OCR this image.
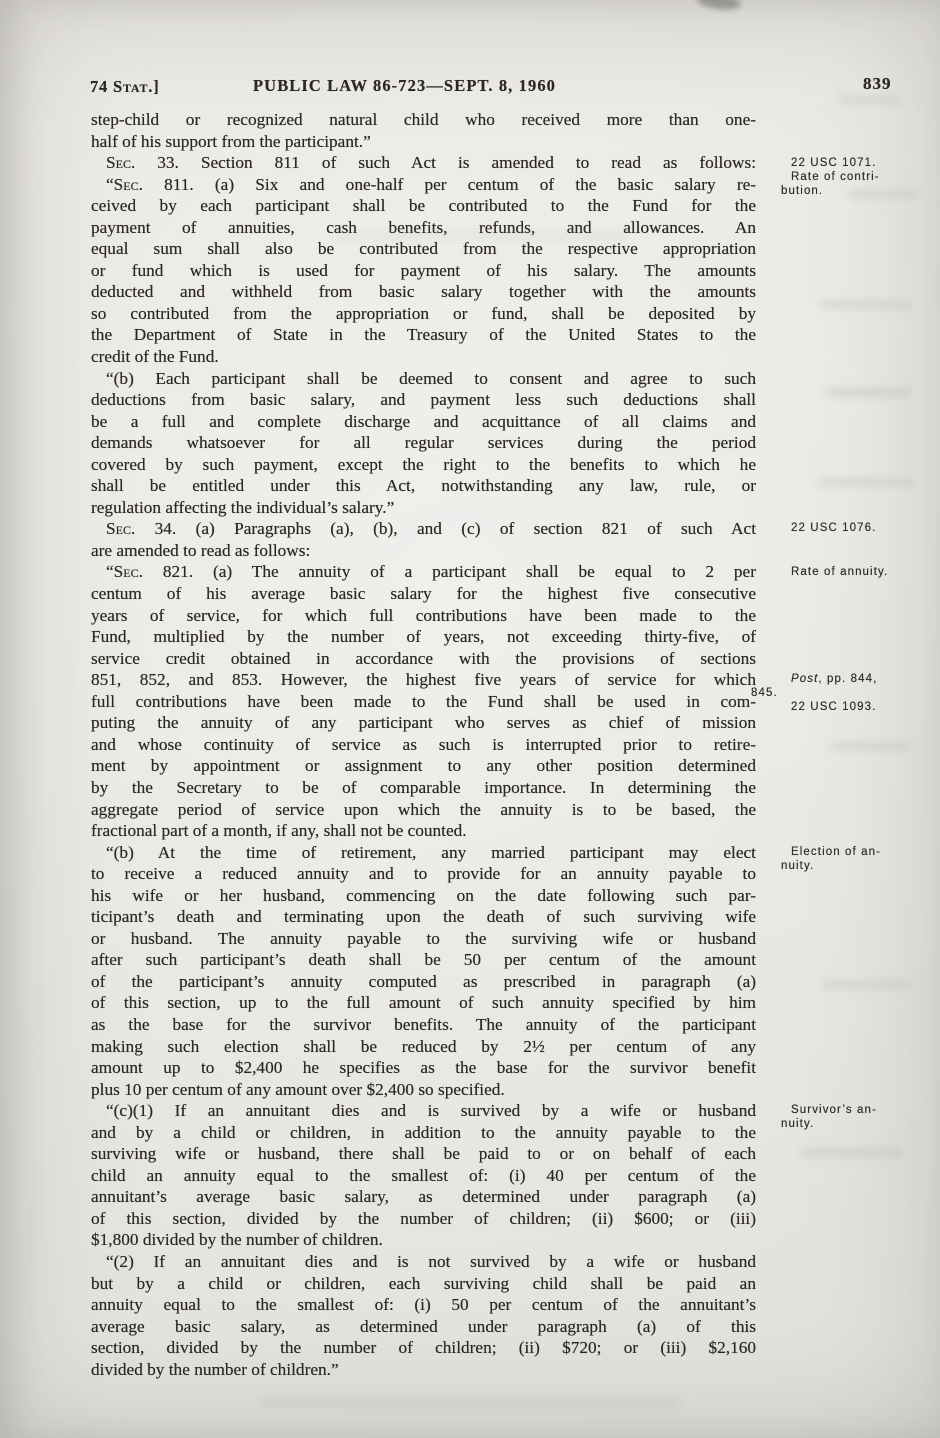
74 Stat.]	PUBLIC LAW 86-723—SEPT. 8, 1960	839
step-child or recognized natural child who received more than one-
half of his support from the participant.”
Sec. 33. Section 811 of such Act is amended to read as follows:
“Sec. 811. (a) Six and one-half per centum of the basic salary re-
ceived by each participant shall be contributed to the Fund for the
payment of annuities, cash benefits, refunds, and allowances. An
equal sum shall also be contributed from the respective appropriation
or fund which is used for payment of his salary. The amounts
deducted and withheld from basic salary together with the amounts
so contributed from the appropriation or fund, shall be deposited by
the Department of State in the Treasury of the United States to the
credit of the Fund.
“(b) Each participant shall be deemed to consent and agree to such
deductions from basic salary, and payment less such deductions shall
be a full and complete discharge and acquittance of all claims and
demands whatsoever for all regular services during the period
covered by such payment, except the right to the benefits to which he
shall be entitled under this Act, notwithstanding any law, rule, or
regulation affecting the individual’s salary.”
Sec. 34. (a) Paragraphs (a), (b), and (c) of section 821 of such Act
are amended to read as follows:
“Sec. 821. (a) The annuity of a participant shall be equal to 2 per
centum of his average basic salary for the highest five consecutive
years of service, for which full contributions have been made to the
Fund, multiplied by the number of years, not exceeding thirty-five, of
service credit obtained in accordance with the provisions of sections
851, 852, and 853. However, the highest five years of service for which
full contributions have been made to the Fund shall be used in com-
puting the annuity of any participant who serves as chief of mission
and whose continuity of service as such is interrupted prior to retire-
ment by appointment or assignment to any other position determined
by the Secretary to be of comparable importance. In determining the
aggregate period of service upon which the annuity is to be based, the
fractional part of a month, if any, shall not be counted.
“(b) At the time of retirement, any married participant may elect
to receive a reduced annuity and to provide for an annuity payable to
his wife or her husband, commencing on the date following such par-
ticipant’s death and terminating upon the death of such surviving wife
or husband. The annuity payable to the surviving wife or husband
after such participant’s death shall be 50 per centum of the amount
of the participant’s annuity computed as prescribed in paragraph (a)
of this section, up to the full amount of such annuity specified by him
as the base for the survivor benefits. The annuity of the participant
making such election shall be reduced by 2½ per centum of any
amount up to $2,400 he specifies as the base for the survivor benefit
plus 10 per centum of any amount over $2,400 so specified.
“(c)(1) If an annuitant dies and is survived by a wife or husband
and by a child or children, in addition to the annuity payable to the
surviving wife or husband, there shall be paid to or on behalf of each
child an annuity equal to the smallest of: (i) 40 per centum of the
annuitant’s average basic salary, as determined under paragraph (a)
of this section, divided by the number of children; (ii) $600; or (iii)
$1,800 divided by the number of children.
“(2) If an annuitant dies and is not survived by a wife or husband
but by a child or children, each surviving child shall be paid an
annuity equal to the smallest of: (i) 50 per centum of the annuitant’s
average basic salary, as determined under paragraph (a) of this
section, divided by the number of children; (ii) $720; or (iii) $2,160
divided by the number of children.”
22 USC 1071.
Rate of contri-
bution.
22 USC 1076.
Rate of annuity.
Post, pp. 844,
845.
22 USC 1093.
Election of an-
nuity.
Survivor’s an-
nuity.
